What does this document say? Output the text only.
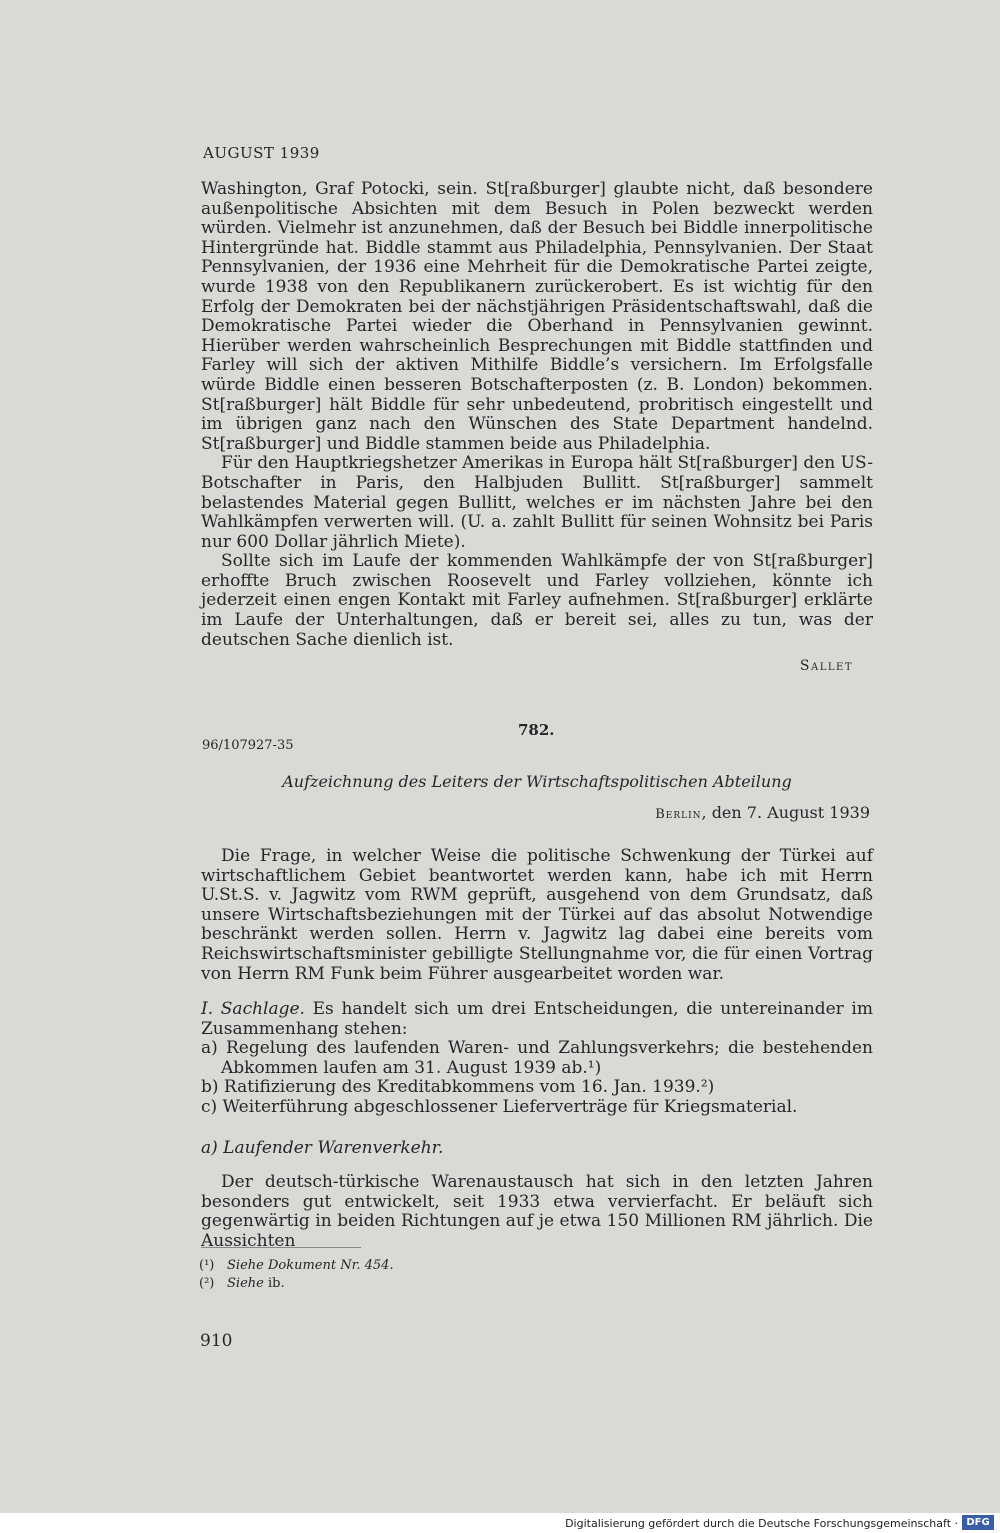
AUGUST 1939

Washington, Graf Potocki, sein. St[raßburger] glaubte nicht, daß besondere außenpolitische Absichten mit dem Besuch in Polen bezweckt werden würden. Vielmehr ist anzunehmen, daß der Besuch bei Biddle innerpolitische Hintergründe hat. Biddle stammt aus Philadelphia, Pennsylvanien. Der Staat Pennsylvanien, der 1936 eine Mehrheit für die Demokratische Partei zeigte, wurde 1938 von den Republikanern zurückerobert. Es ist wichtig für den Erfolg der Demokraten bei der nächstjährigen Präsidentschaftswahl, daß die Demokratische Partei wieder die Oberhand in Pennsylvanien gewinnt. Hierüber werden wahrscheinlich Besprechungen mit Biddle stattfinden und Farley will sich der aktiven Mithilfe Biddle’s versichern. Im Erfolgsfalle würde Biddle einen besseren Botschafterposten (z. B. London) bekommen. St[raßburger] hält Biddle für sehr unbedeutend, probritisch eingestellt und im übrigen ganz nach den Wünschen des State Department handelnd. St[raßburger] und Biddle stammen beide aus Philadelphia.

Für den Hauptkriegshetzer Amerikas in Europa hält St[raßburger] den US-Botschafter in Paris, den Halbjuden Bullitt. St[raßburger] sammelt belastendes Material gegen Bullitt, welches er im nächsten Jahre bei den Wahlkämpfen verwerten will. (U. a. zahlt Bullitt für seinen Wohnsitz bei Paris nur 600 Dollar jährlich Miete).

Sollte sich im Laufe der kommenden Wahlkämpfe der von St[raßburger] erhoffte Bruch zwischen Roosevelt und Farley vollziehen, könnte ich jederzeit einen engen Kontakt mit Farley aufnehmen. St[raßburger] erklärte im Laufe der Unterhaltungen, daß er bereit sei, alles zu tun, was der deutschen Sache dienlich ist.

Sallet
782.
96/107927-35
Aufzeichnung des Leiters der Wirtschaftspolitischen Abteilung
Berlin, den 7. August 1939

Die Frage, in welcher Weise die politische Schwenkung der Türkei auf wirtschaftlichem Gebiet beantwortet werden kann, habe ich mit Herrn U.St.S. v. Jagwitz vom RWM geprüft, ausgehend von dem Grundsatz, daß unsere Wirtschaftsbeziehungen mit der Türkei auf das absolut Notwendige beschränkt werden sollen. Herrn v. Jagwitz lag dabei eine bereits vom Reichswirtschaftsminister gebilligte Stellungnahme vor, die für einen Vortrag von Herrn RM Funk beim Führer ausgearbeitet worden war.

I. Sachlage. Es handelt sich um drei Entscheidungen, die untereinander im Zusammenhang stehen:

a) Regelung des laufenden Waren- und Zahlungsverkehrs; die bestehenden Abkommen laufen am 31. August 1939 ab.¹)

b) Ratifizierung des Kreditabkommens vom 16. Jan. 1939.²)

c) Weiterführung abgeschlossener Lieferverträge für Kriegsmaterial.

a) Laufender Warenverkehr.

Der deutsch-türkische Warenaustausch hat sich in den letzten Jahren besonders gut entwickelt, seit 1933 etwa vervierfacht. Er beläuft sich gegenwärtig in beiden Richtungen auf je etwa 150 Millionen RM jährlich. Die Aussichten

(¹) Siehe Dokument Nr. 454.
(²) Siehe ib.
910
Digitalisierung gefördert durch die Deutsche Forschungsgemeinschaft · DFG
